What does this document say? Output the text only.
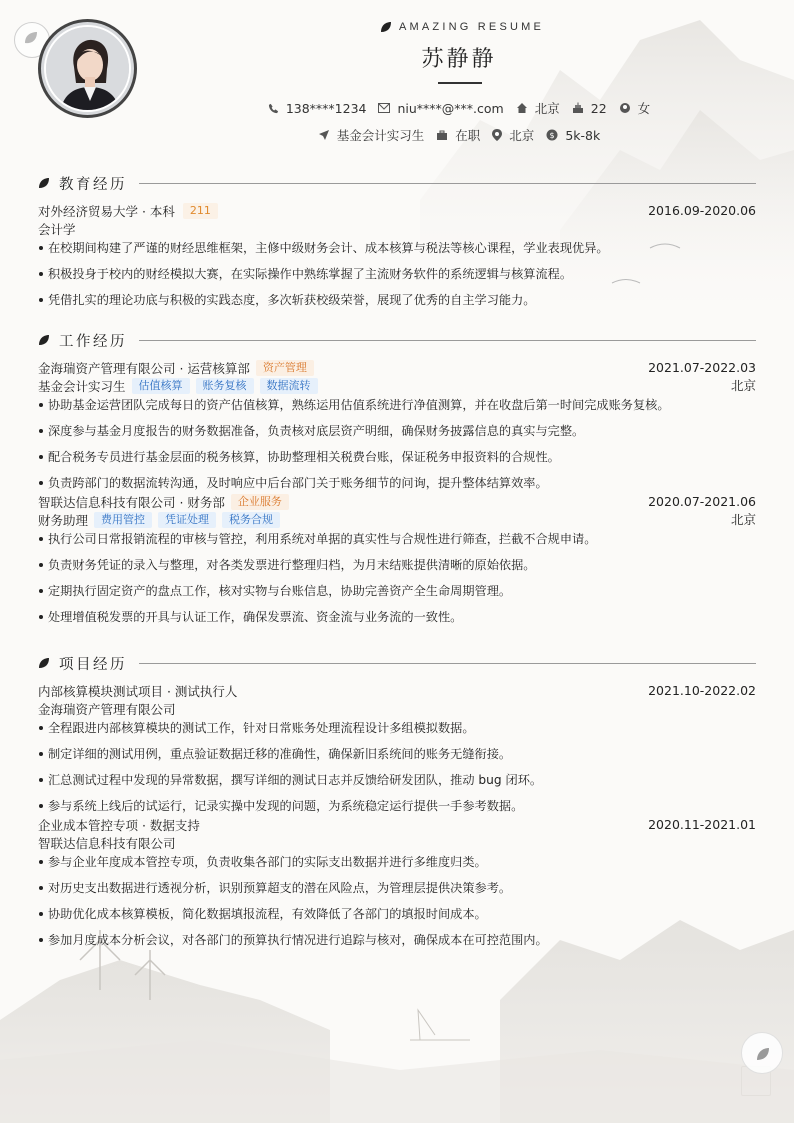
AMAZING RESUME
苏静静
138****1234 niu****@***.com 北京 22 女
基金会计实习生 在职 北京 $ 5k-8k
教育经历
对外经济贸易大学 · 本科	211	2016.09-2020.06
会计学
在校期间构建了严谨的财经思维框架，主修中级财务会计、成本核算与税法等核心课程，学业表现优异。
积极投身于校内的财经模拟大赛，在实际操作中熟练掌握了主流财务软件的系统逻辑与核算流程。
凭借扎实的理论功底与积极的实践态度，多次斩获校级荣誉，展现了优秀的自主学习能力。
工作经历
金海瑞资产管理有限公司 · 运营核算部	资产管理	2021.07-2022.03
基金会计实习生	估值核算	账务复核	数据流转	北京
协助基金运营团队完成每日的资产估值核算，熟练运用估值系统进行净值测算，并在收盘后第一时间完成账务复核。
深度参与基金月度报告的财务数据准备，负责核对底层资产明细，确保财务披露信息的真实与完整。
配合税务专员进行基金层面的税务核算，协助整理相关税费台账，保证税务申报资料的合规性。
负责跨部门的数据流转沟通，及时响应中后台部门关于账务细节的问询，提升整体结算效率。
智联达信息科技有限公司 · 财务部	企业服务	2020.07-2021.06
财务助理	费用管控	凭证处理	税务合规	北京
执行公司日常报销流程的审核与管控，利用系统对单据的真实性与合规性进行筛查，拦截不合规申请。
负责财务凭证的录入与整理，对各类发票进行整理归档，为月末结账提供清晰的原始依据。
定期执行固定资产的盘点工作，核对实物与台账信息，协助完善资产全生命周期管理。
处理增值税发票的开具与认证工作，确保发票流、资金流与业务流的一致性。
项目经历
内部核算模块测试项目 · 测试执行人	2021.10-2022.02
金海瑞资产管理有限公司
全程跟进内部核算模块的测试工作，针对日常账务处理流程设计多组模拟数据。
制定详细的测试用例，重点验证数据迁移的准确性，确保新旧系统间的账务无缝衔接。
汇总测试过程中发现的异常数据，撰写详细的测试日志并反馈给研发团队，推动 bug 闭环。
参与系统上线后的试运行，记录实操中发现的问题，为系统稳定运行提供一手参考数据。
企业成本管控专项 · 数据支持	2020.11-2021.01
智联达信息科技有限公司
参与企业年度成本管控专项，负责收集各部门的实际支出数据并进行多维度归类。
对历史支出数据进行透视分析，识别预算超支的潜在风险点，为管理层提供决策参考。
协助优化成本核算模板，简化数据填报流程，有效降低了各部门的填报时间成本。
参加月度成本分析会议，对各部门的预算执行情况进行追踪与核对，确保成本在可控范围内。
